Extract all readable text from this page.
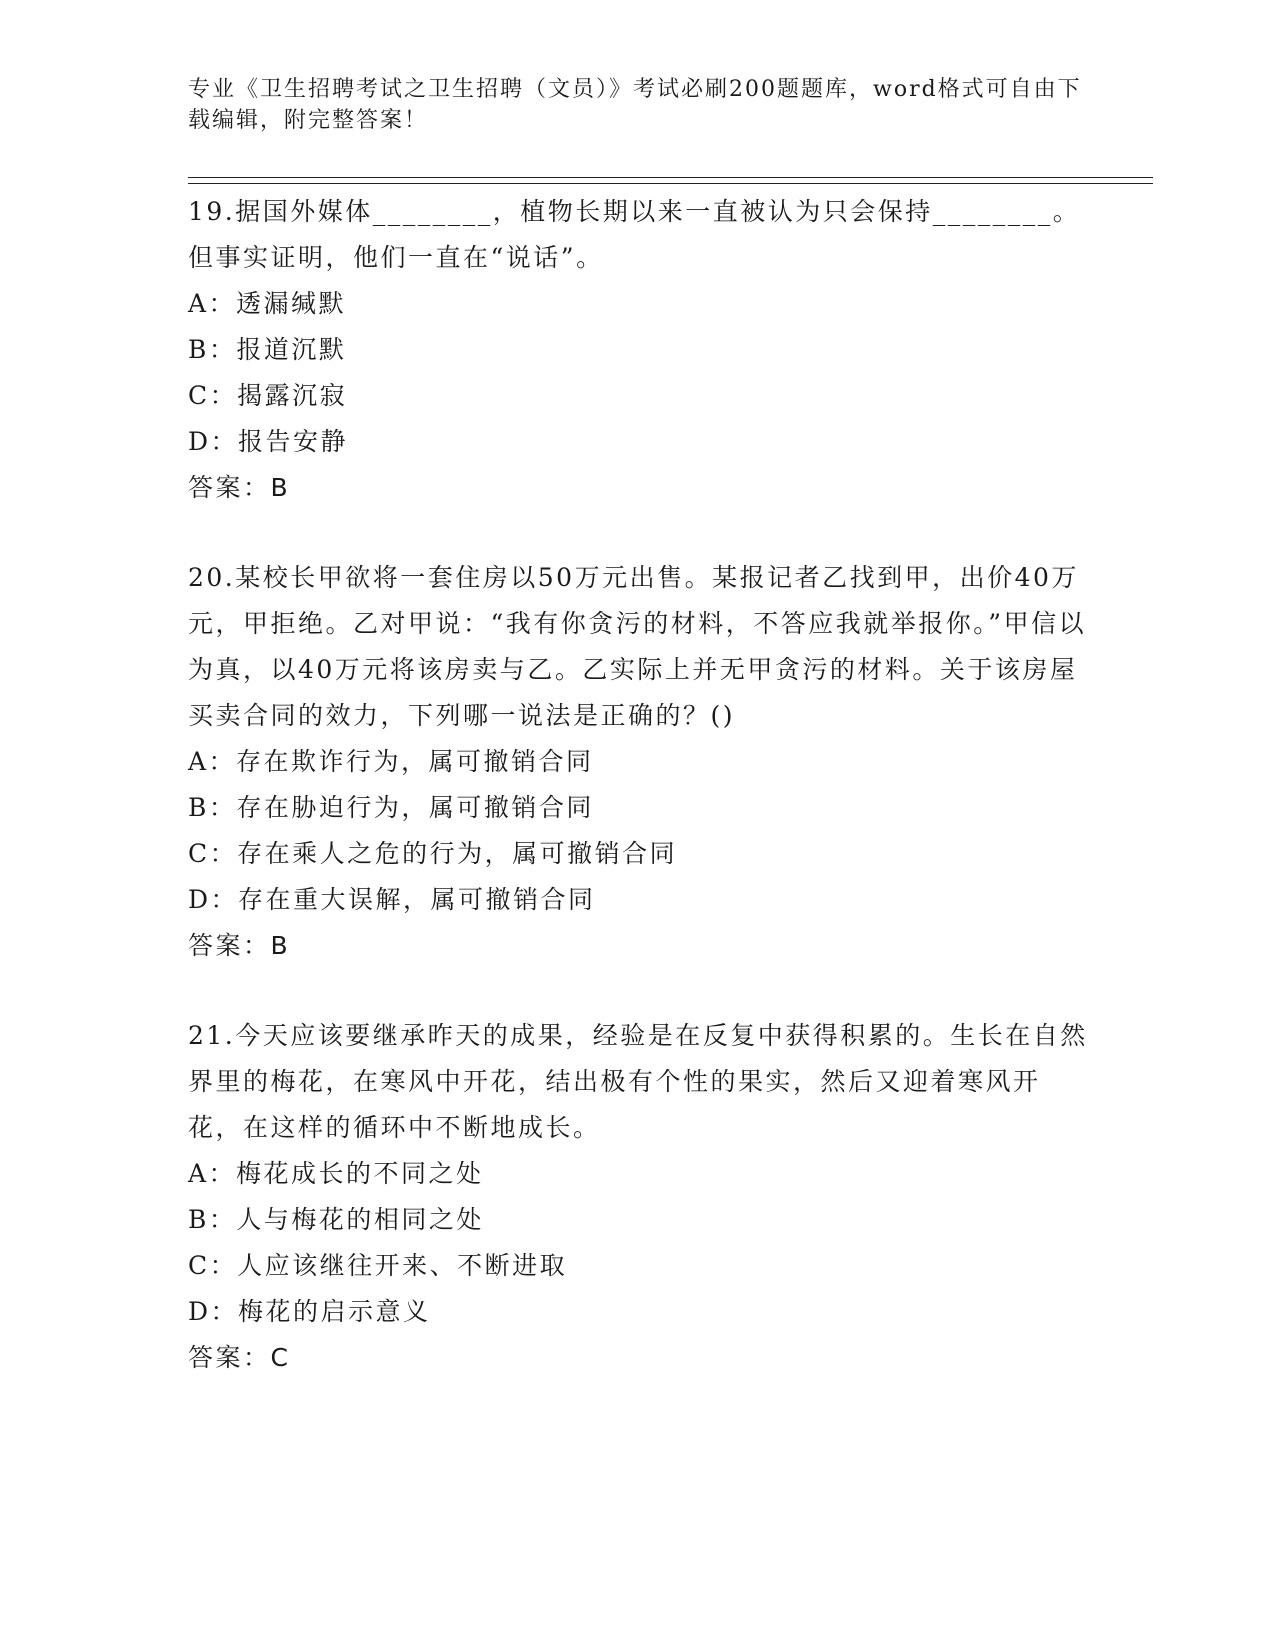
专业《卫生招聘考试之卫生招聘（文员）》考试必刷200题题库，word格式可自由下载编辑，附完整答案！

19.据国外媒体________，植物长期以来一直被认为只会保持________。但事实证明，他们一直在“说话”。

A：透漏缄默

B：报道沉默

C：揭露沉寂

D：报告安静

答案：B

20.某校长甲欲将一套住房以50万元出售。某报记者乙找到甲，出价40万元，甲拒绝。乙对甲说：“我有你贪污的材料，不答应我就举报你。”甲信以为真，以40万元将该房卖与乙。乙实际上并无甲贪污的材料。关于该房屋买卖合同的效力，下列哪一说法是正确的？()

A：存在欺诈行为，属可撤销合同

B：存在胁迫行为，属可撤销合同

C：存在乘人之危的行为，属可撤销合同

D：存在重大误解，属可撤销合同

答案：B

21.今天应该要继承昨天的成果，经验是在反复中获得积累的。生长在自然界里的梅花，在寒风中开花，结出极有个性的果实，然后又迎着寒风开花，在这样的循环中不断地成长。

A：梅花成长的不同之处

B：人与梅花的相同之处

C：人应该继往开来、不断进取

D：梅花的启示意义

答案：C
